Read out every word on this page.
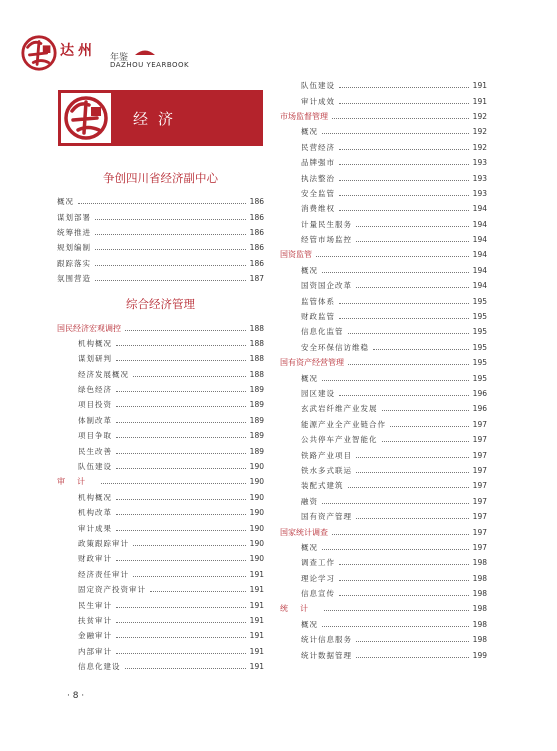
达州 年鉴
DAZHOU YEARBOOK
经济
争创四川省经济副中心
概况	186
谋划部署	186
统筹推进	186
规划编制	186
跟踪落实	186
氛围营造	187
综合经济管理
国民经济宏观调控	188
机构概况	188
谋划研判	188
经济发展概况	188
绿色经济	189
项目投资	189
体制改革	189
项目争取	189
民生改善	189
队伍建设	190
审计	190
机构概况	190
机构改革	190
审计成果	190
政策跟踪审计	190
财政审计	190
经济责任审计	191
固定资产投资审计	191
民生审计	191
扶贫审计	191
金融审计	191
内部审计	191
信息化建设	191
队伍建设	191
审计成效	191
市场监督管理	192
概况	192
民营经济	192
品牌强市	193
执法整治	193
安全监管	193
消费维权	194
计量民生服务	194
经管市场监控	194
国资监管	194
概况	194
国资国企改革	194
监管体系	195
财政监管	195
信息化监管	195
安全环保信访维稳	195
国有资产经营管理	195
概况	195
园区建设	196
玄武岩纤维产业发展	196
能源产业全产业链合作	197
公共停车产业智能化	197
铁路产业项目	197
铁水多式联运	197
装配式建筑	197
融资	197
国有资产管理	197
国家统计调查	197
概况	197
调查工作	198
理论学习	198
信息宣传	198
统计	198
概况	198
统计信息服务	198
统计数据管理	199
· 8 ·
